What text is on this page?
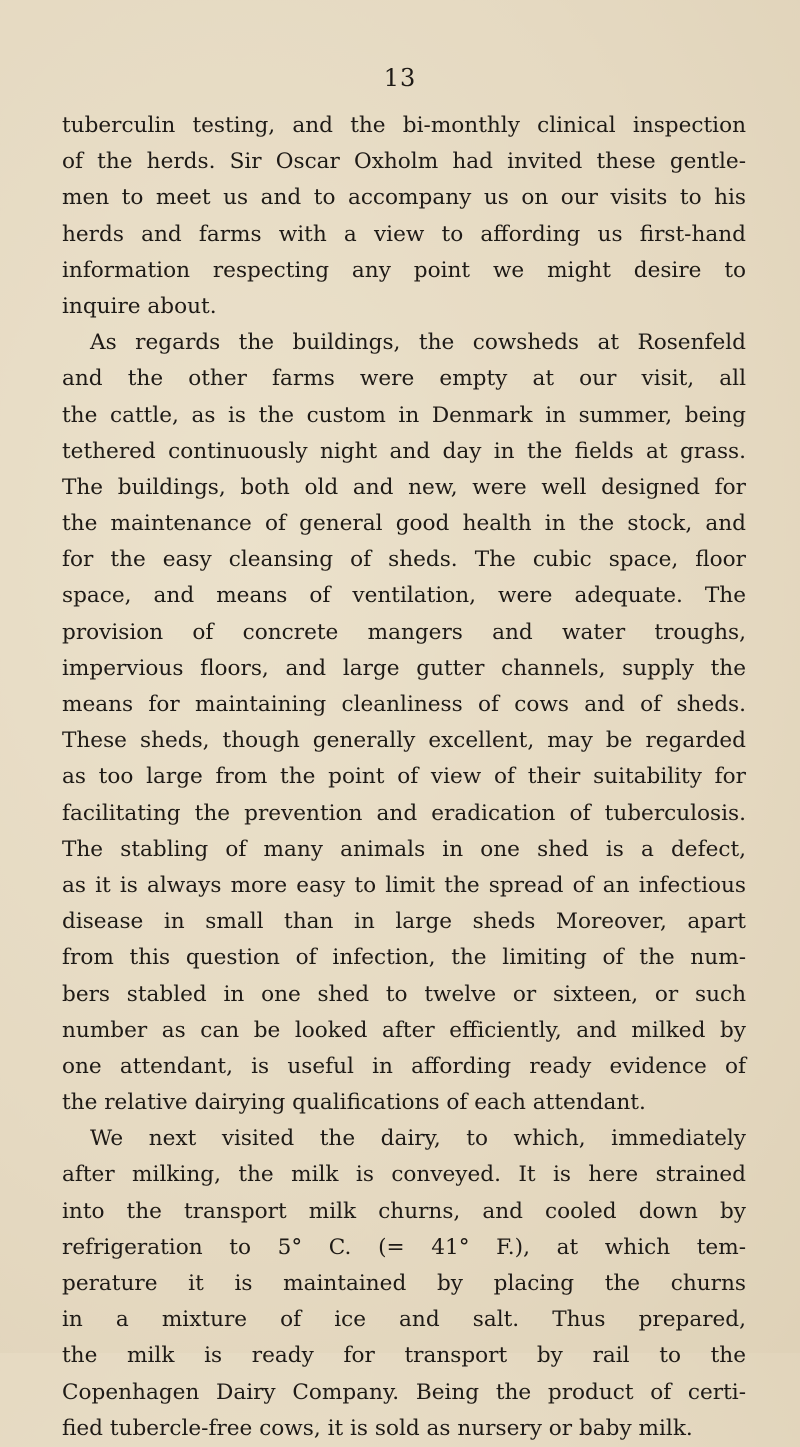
13
tuberculin testing, and the bi-monthly clinical inspection
of the herds. Sir Oscar Oxholm had invited these gentle-
men to meet us and to accompany us on our visits to his
herds and farms with a view to affording us first-hand
information respecting any point we might desire to
inquire about.
As regards the buildings, the cowsheds at Rosenfeld
and the other farms were empty at our visit, all
the cattle, as is the custom in Denmark in summer, being
tethered continuously night and day in the fields at grass.
The buildings, both old and new, were well designed for
the maintenance of general good health in the stock, and
for the easy cleansing of sheds. The cubic space, floor
space, and means of ventilation, were adequate. The
provision of concrete mangers and water troughs,
impervious floors, and large gutter channels, supply the
means for maintaining cleanliness of cows and of sheds.
These sheds, though generally excellent, may be regarded
as too large from the point of view of their suitability for
facilitating the prevention and eradication of tuberculosis.
The stabling of many animals in one shed is a defect,
as it is always more easy to limit the spread of an infectious
disease in small than in large sheds Moreover, apart
from this question of infection, the limiting of the num-
bers stabled in one shed to twelve or sixteen, or such
number as can be looked after efficiently, and milked by
one attendant, is useful in affording ready evidence of
the relative dairying qualifications of each attendant.
We next visited the dairy, to which, immediately
after milking, the milk is conveyed. It is here strained
into the transport milk churns, and cooled down by
refrigeration to 5° C. (= 41° F.), at which tem-
perature it is maintained by placing the churns
in a mixture of ice and salt. Thus prepared,
the milk is ready for transport by rail to the
Copenhagen Dairy Company. Being the product of certi-
fied tubercle-free cows, it is sold as nursery or baby milk.
